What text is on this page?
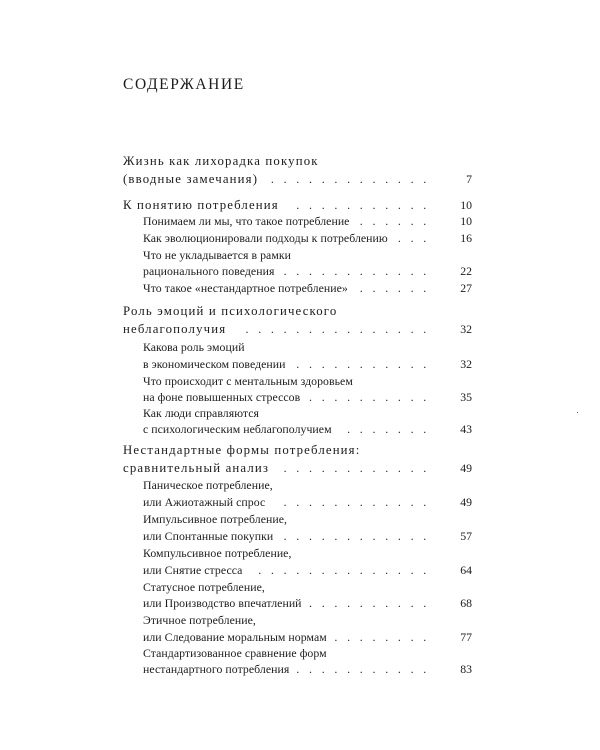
СОДЕРЖАНИЕ
Жизнь как лихорадка покупок
(вводные замечания)	7
.............
К понятию потребления	10
...........
Понимаем ли мы, что такое потребление	10
......
Как эволюционировали подходы к потреблению	16
...
Что не укладывается в рамки
рационального поведения	22
............
Что такое «нестандартное потребление»	27
......
Роль эмоций и психологического
неблагополучия	32
...............
Какова роль эмоций
в экономическом поведении	32
...........
Что происходит с ментальным здоровьем
на фоне повышенных стрессов	35
..........
Как люди справляются
с психологическим неблагополучием	43
.......
Нестандартные формы потребления:
сравнительный анализ	49
............
Паническое потребление,
или Ажиотажный спрос	49
............
Импульсивное потребление,
или Спонтанные покупки	57
............
Компульсивное потребление,
или Снятие стресса	64
..............
Статусное потребление,
или Производство впечатлений	68
..........
Этичное потребление,
или Следование моральным нормам	77
........
Стандартизованное сравнение форм
нестандартного потребления	83
...........
